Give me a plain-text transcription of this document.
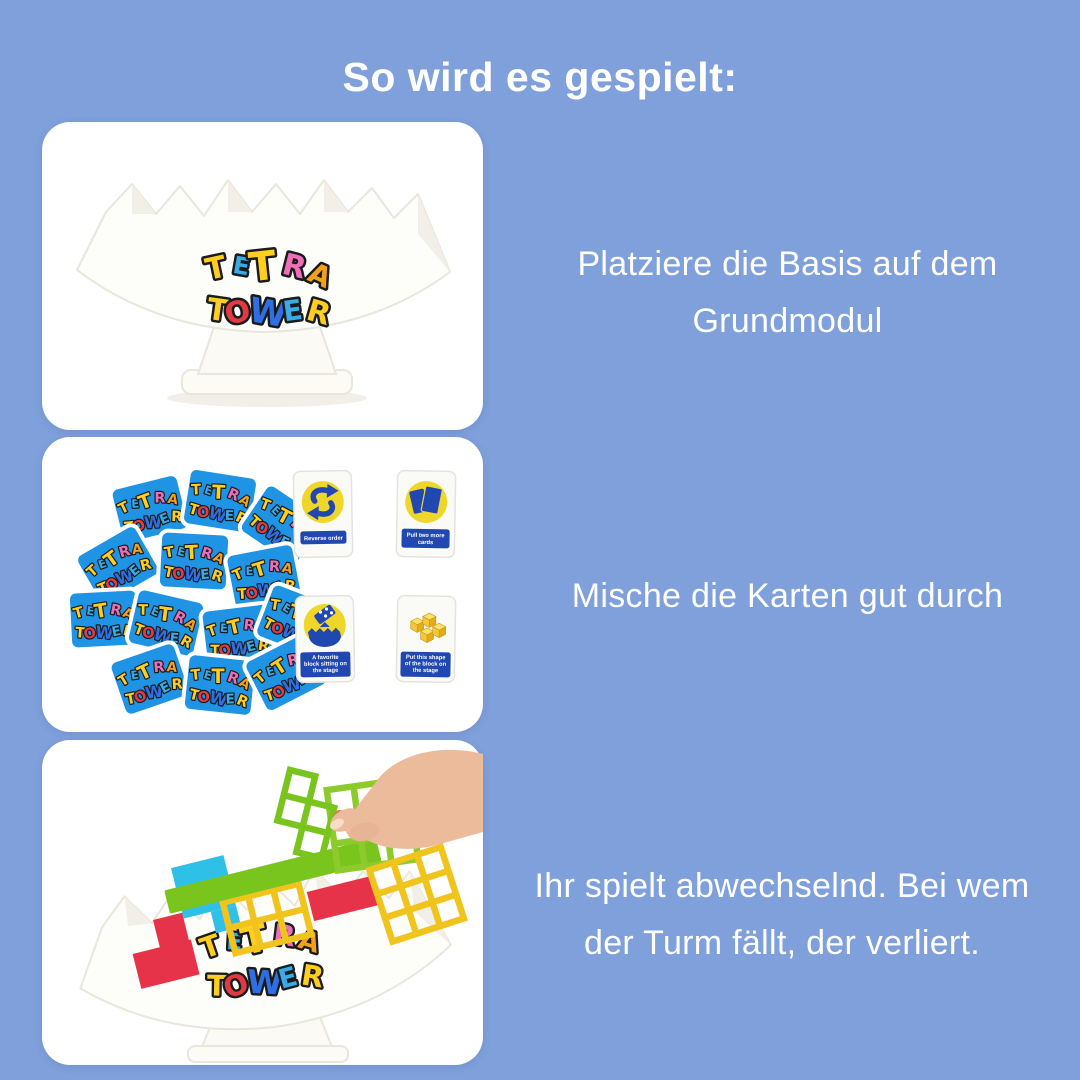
So wird es gespielt:
Reverse order	Pull two more
cards
A favorite
block sitting on
the stage
Put this shape
of the block on
the stage
Platziere die Basis auf dem
Grundmodul
Mische die Karten gut durch
Ihr spielt abwechselnd. Bei wem
der Turm fällt, der verliert.
